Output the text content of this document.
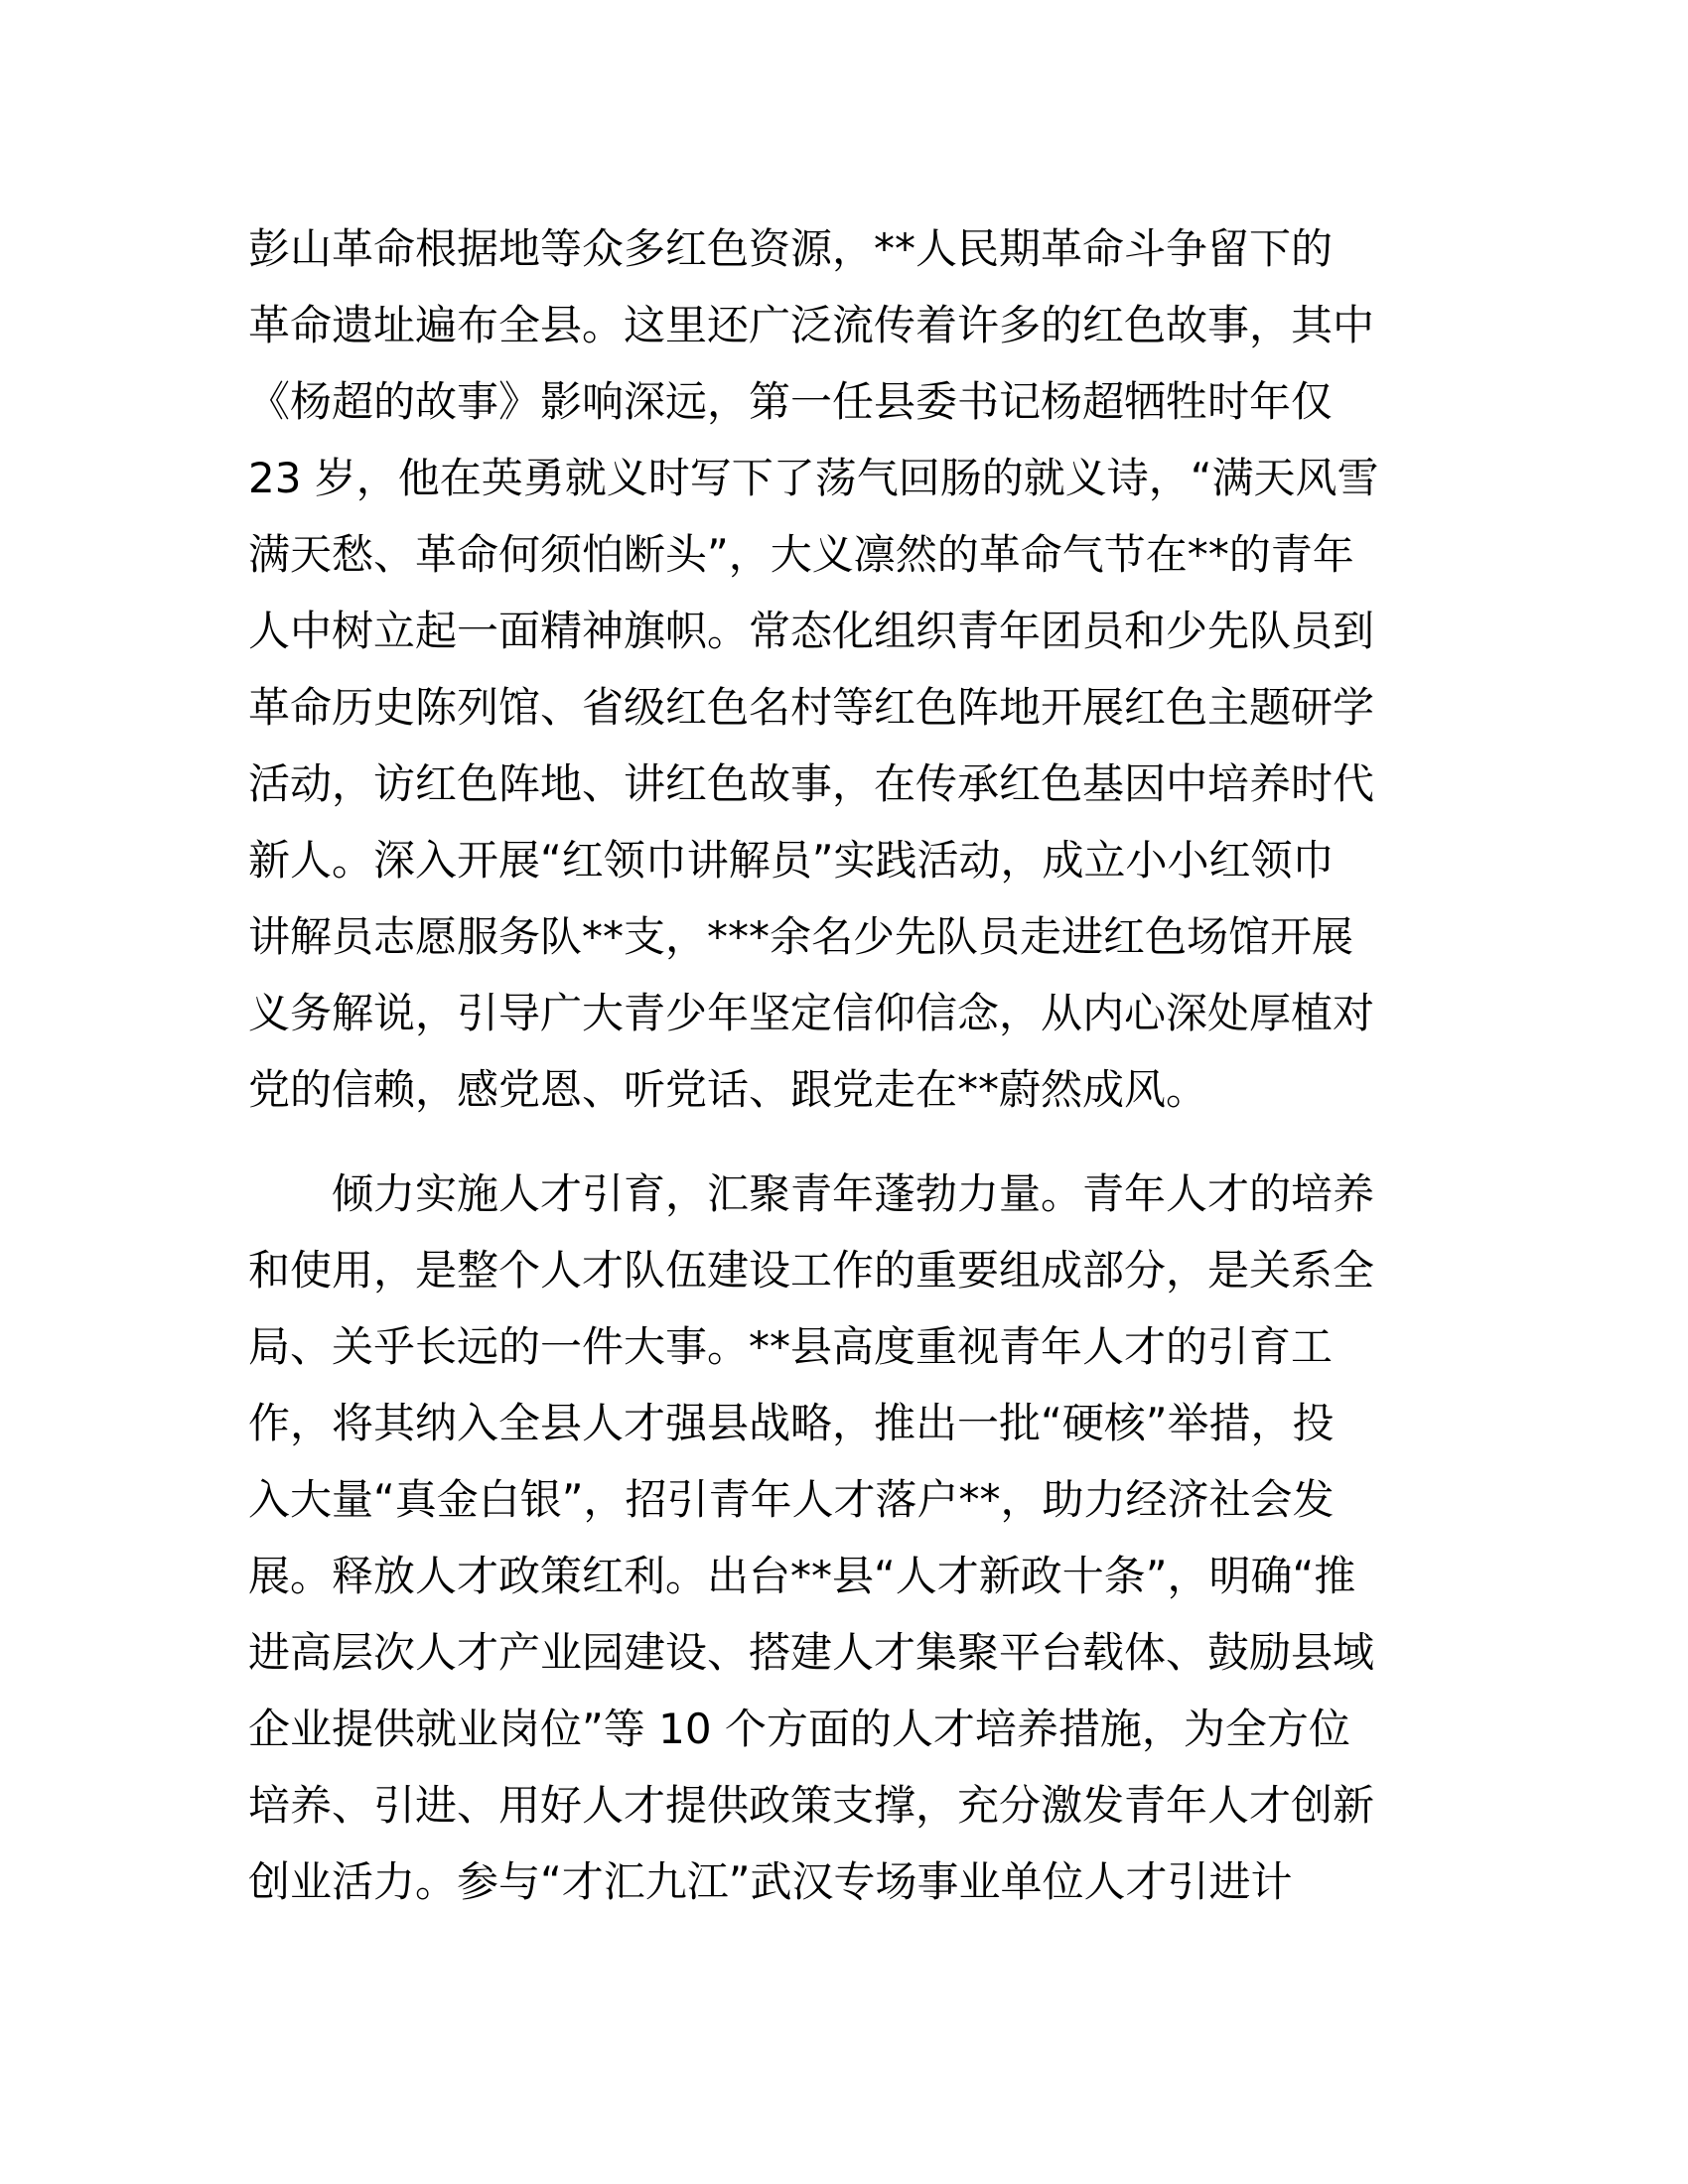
彭山革命根据地等众多红色资源，**人民期革命斗争留下的
革命遗址遍布全县。这里还广泛流传着许多的红色故事，其中
《杨超的故事》影响深远，第一任县委书记杨超牺牲时年仅
23 岁，他在英勇就义时写下了荡气回肠的就义诗，“满天风雪
满天愁、革命何须怕断头”，大义凛然的革命气节在**的青年
人中树立起一面精神旗帜。常态化组织青年团员和少先队员到
革命历史陈列馆、省级红色名村等红色阵地开展红色主题研学
活动，访红色阵地、讲红色故事，在传承红色基因中培养时代
新人。深入开展“红领巾讲解员”实践活动，成立小小红领巾
讲解员志愿服务队**支，***余名少先队员走进红色场馆开展
义务解说，引导广大青少年坚定信仰信念，从内心深处厚植对
党的信赖，感党恩、听党话、跟党走在**蔚然成风。
倾力实施人才引育，汇聚青年蓬勃力量。青年人才的培养
和使用，是整个人才队伍建设工作的重要组成部分，是关系全
局、关乎长远的一件大事。**县高度重视青年人才的引育工
作，将其纳入全县人才强县战略，推出一批“硬核”举措，投
入大量“真金白银”，招引青年人才落户**，助力经济社会发
展。释放人才政策红利。出台**县“人才新政十条”，明确“推
进高层次人才产业园建设、搭建人才集聚平台载体、鼓励县域
企业提供就业岗位”等 10 个方面的人才培养措施，为全方位
培养、引进、用好人才提供政策支撑，充分激发青年人才创新
创业活力。参与“才汇九江”武汉专场事业单位人才引进计
